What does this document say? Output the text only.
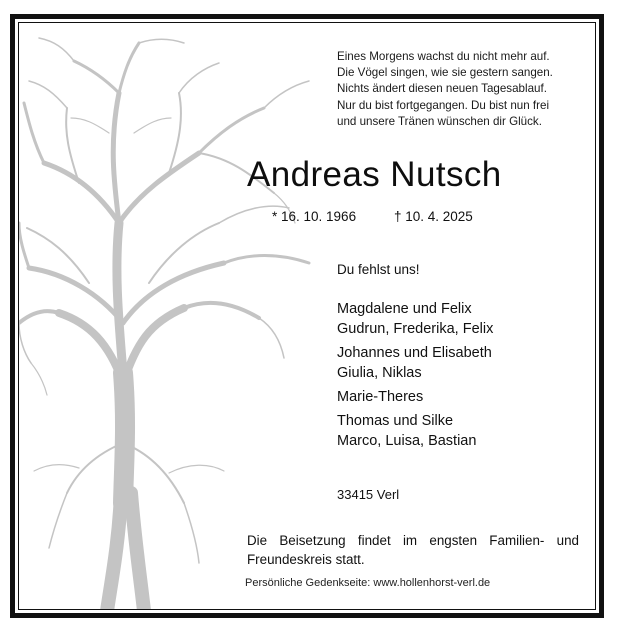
Eines Morgens wachst du nicht mehr auf.
Die Vögel singen, wie sie gestern sangen.
Nichts ändert diesen neuen Tagesablauf.
Nur du bist fortgegangen. Du bist nun frei
und unsere Tränen wünschen dir Glück.
Andreas Nutsch
* 16. 10. 1966	† 10. 4. 2025
Du fehlst uns!
Magdalene und Felix
Gudrun, Frederika, Felix
Johannes und Elisabeth
Giulia, Niklas
Marie-Theres
Thomas und Silke
Marco, Luisa, Bastian
33415 Verl
Die Beisetzung findet im engsten Familien- und
Freundeskreis statt.
Persönliche Gedenkseite: www.hollenhorst-verl.de
